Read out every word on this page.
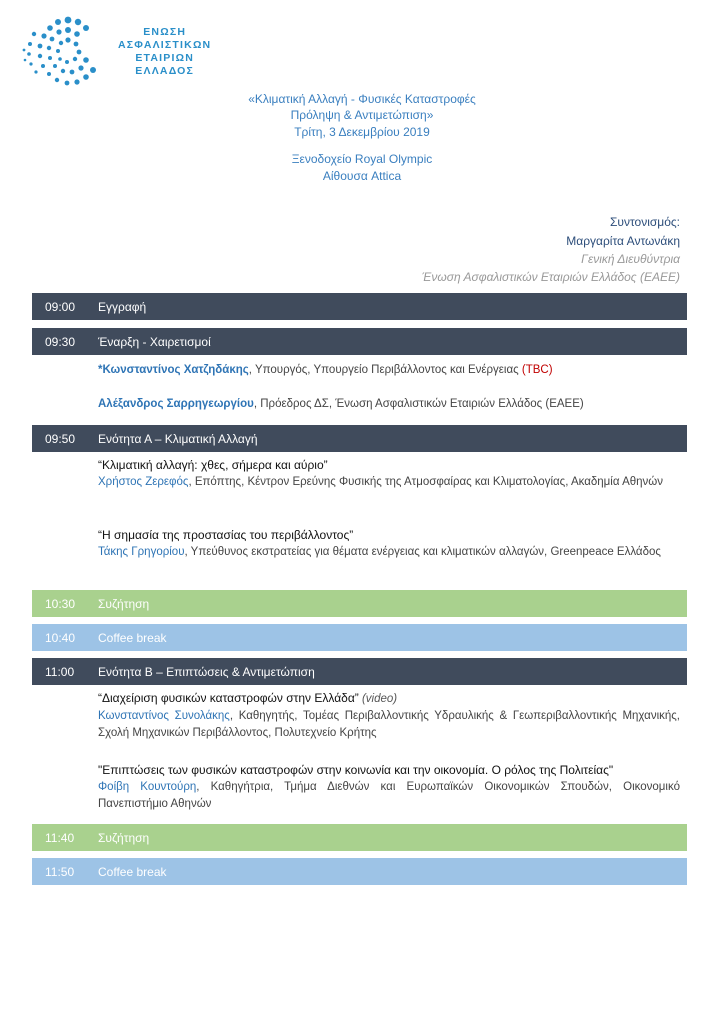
ΕΝΩΣΗ
ΑΣΦΑΛΙΣΤΙΚΩΝ
ΕΤΑΙΡΙΩΝ
ΕΛΛΑΔΟΣ
«Κλιματική Αλλαγή - Φυσικές Καταστροφές
Πρόληψη & Αντιμετώπιση»
Τρίτη, 3 Δεκεμβρίου 2019
Ξενοδοχείο Royal Olympic
Αίθουσα Attica
Συντονισμός:
Μαργαρίτα Αντωνάκη
Γενική Διευθύντρια
Ένωση Ασφαλιστικών Εταιριών Ελλάδος (ΕΑΕΕ)
09:00 Εγγραφή
09:30 Έναρξη - Χαιρετισμοί
*Κωνσταντίνος Χατζηδάκης, Υπουργός, Υπουργείο Περιβάλλοντος και Ενέργειας (TBC)
Αλέξανδρος Σαρρηγεωργίου, Πρόεδρος ΔΣ, Ένωση Ασφαλιστικών Εταιριών Ελλάδος (ΕΑΕΕ)
09:50 Ενότητα Α – Κλιματική Αλλαγή
“Κλιματική αλλαγή: χθες, σήμερα και αύριο”
Χρήστος Ζερεφός, Επόπτης, Κέντρον Ερεύνης Φυσικής της Ατμοσφαίρας και Κλιματολογίας, Ακαδημία Αθηνών
“Η σημασία της προστασίας του περιβάλλοντος”
Τάκης Γρηγορίου, Υπεύθυνος εκστρατείας για θέματα ενέργειας και κλιματικών αλλαγών, Greenpeace Ελλάδος
10:30 Συζήτηση
10:40 Coffee break
11:00 Ενότητα Β – Επιπτώσεις & Αντιμετώπιση
“Διαχείριση φυσικών καταστροφών στην Ελλάδα” (video)
Κωνσταντίνος Συνολάκης, Καθηγητής, Τομέας Περιβαλλοντικής Υδραυλικής & Γεωπεριβαλλοντικής Μηχανικής, Σχολή Μηχανικών Περιβάλλοντος, Πολυτεχνείο Κρήτης
"Επιπτώσεις των φυσικών καταστροφών στην κοινωνία και την οικονομία. Ο ρόλος της Πολιτείας"
Φοίβη Κουντούρη, Καθηγήτρια, Τμήμα Διεθνών και Ευρωπαϊκών Οικονομικών Σπουδών, Οικονομικό Πανεπιστήμιο Αθηνών
11:40 Συζήτηση
11:50 Coffee break
